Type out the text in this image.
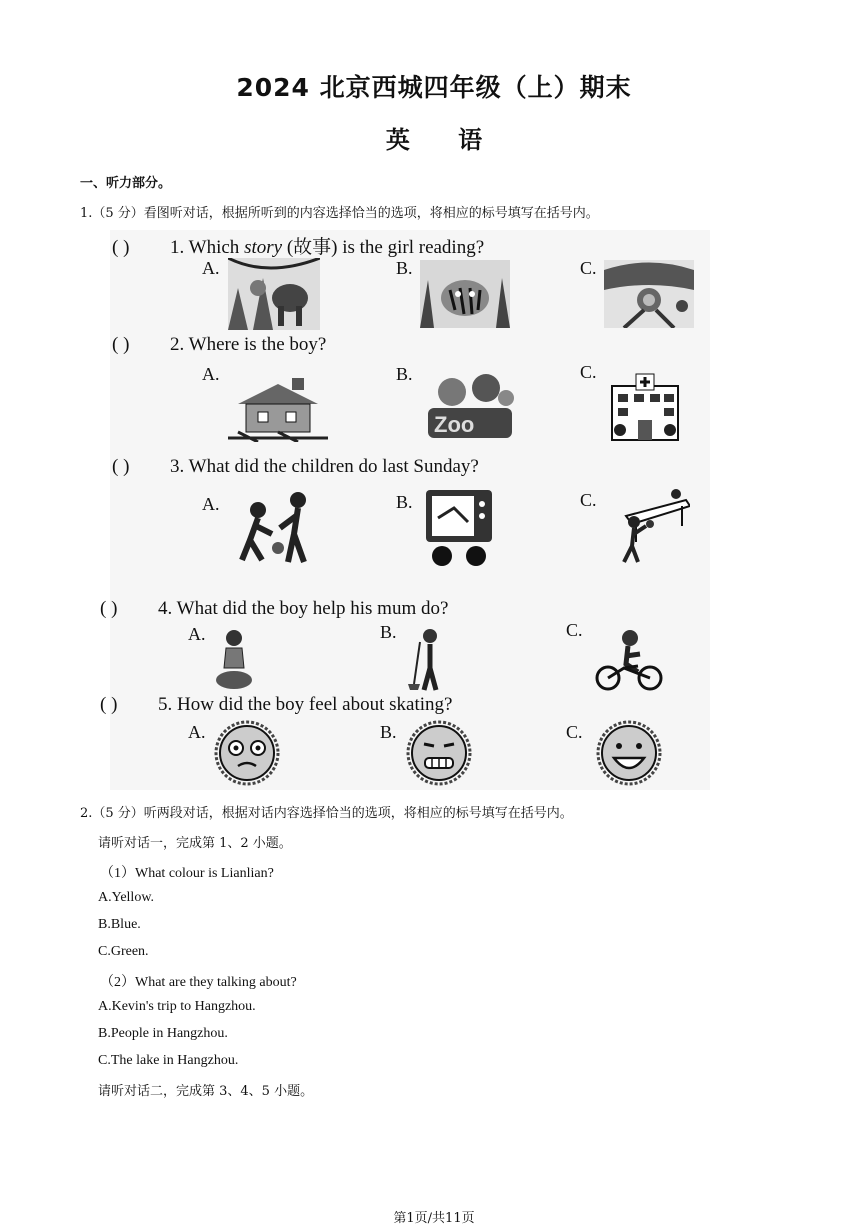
2024 北京西城四年级（上）期末
英 语
一、听力部分。
1.（5 分）看图听对话，根据所听到的内容选择恰当的选项，将相应的标号填写在括号内。
( ) 1. Which story (故事) is the girl reading?
A.	B.	C.
( ) 2. Where is the boy?
A.	B.	C.
Zoo
( ) 3. What did the children do last Sunday?
A.	B.	C.
( ) 4. What did the boy help his mum do?
A.	B.	C.
( ) 5. How did the boy feel about skating?
A.	B.	C.
2.（5 分）听两段对话，根据对话内容选择恰当的选项，将相应的标号填写在括号内。
请听对话一，完成第 1、2 小题。
（1）What colour is Lianlian?
A.Yellow.
B.Blue.
C.Green.
（2）What are they talking about?
A.Kevin's trip to Hangzhou.
B.People in Hangzhou.
C.The lake in Hangzhou.
请听对话二，完成第 3、4、5 小题。
第1页/共11页
